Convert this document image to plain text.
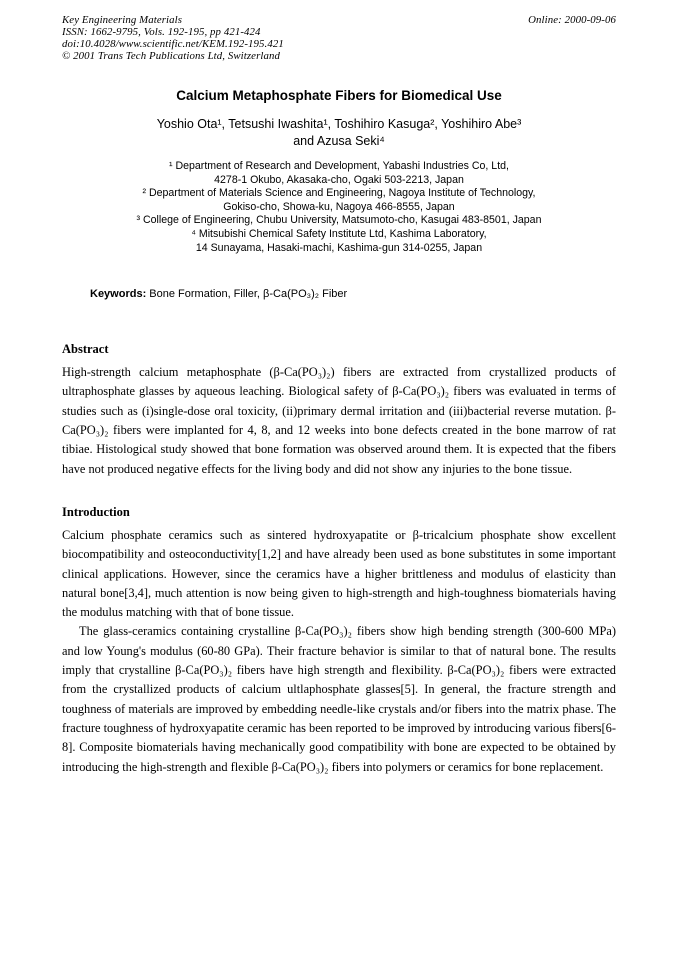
Key Engineering Materials
ISSN: 1662-9795, Vols. 192-195, pp 421-424
doi:10.4028/www.scientific.net/KEM.192-195.421
© 2001 Trans Tech Publications Ltd, Switzerland
Online: 2000-09-06
Calcium Metaphosphate Fibers for Biomedical Use
Yoshio Ota¹, Tetsushi Iwashita¹, Toshihiro Kasuga², Yoshihiro Abe³
and Azusa Seki⁴
¹ Department of Research and Development, Yabashi Industries Co, Ltd,
4278-1 Okubo, Akasaka-cho, Ogaki 503-2213, Japan
² Department of Materials Science and Engineering, Nagoya Institute of Technology,
Gokiso-cho, Showa-ku, Nagoya 466-8555, Japan
³ College of Engineering, Chubu University, Matsumoto-cho, Kasugai 483-8501, Japan
⁴ Mitsubishi Chemical Safety Institute Ltd, Kashima Laboratory,
14 Sunayama, Hasaki-machi, Kashima-gun 314-0255, Japan
Keywords: Bone Formation, Filler, β-Ca(PO₃)₂ Fiber
Abstract
High-strength calcium metaphosphate (β-Ca(PO₃)₂) fibers are extracted from crystallized products of ultraphosphate glasses by aqueous leaching. Biological safety of β-Ca(PO₃)₂ fibers was evaluated in terms of studies such as (i)single-dose oral toxicity, (ii)primary dermal irritation and (iii)bacterial reverse mutation. β-Ca(PO₃)₂ fibers were implanted for 4, 8, and 12 weeks into bone defects created in the bone marrow of rat tibiae. Histological study showed that bone formation was observed around them. It is expected that the fibers have not produced negative effects for the living body and did not show any injuries to the bone tissue.
Introduction
Calcium phosphate ceramics such as sintered hydroxyapatite or β-tricalcium phosphate show excellent biocompatibility and osteoconductivity[1,2] and have already been used as bone substitutes in some important clinical applications. However, since the ceramics have a higher brittleness and modulus of elasticity than natural bone[3,4], much attention is now being given to high-strength and high-toughness biomaterials having the modulus matching with that of bone tissue.
The glass-ceramics containing crystalline β-Ca(PO₃)₂ fibers show high bending strength (300-600 MPa) and low Young's modulus (60-80 GPa). Their fracture behavior is similar to that of natural bone. The results imply that crystalline β-Ca(PO₃)₂ fibers have high strength and flexibility. β-Ca(PO₃)₂ fibers were extracted from the crystallized products of calcium ultlaphosphate glasses[5]. In general, the fracture strength and toughness of materials are improved by embedding needle-like crystals and/or fibers into the matrix phase. The fracture toughness of hydroxyapatite ceramic has been reported to be improved by introducing various fibers[6-8]. Composite biomaterials having mechanically good compatibility with bone are expected to be obtained by introducing the high-strength and flexible β-Ca(PO₃)₂ fibers into polymers or ceramics for bone replacement.
